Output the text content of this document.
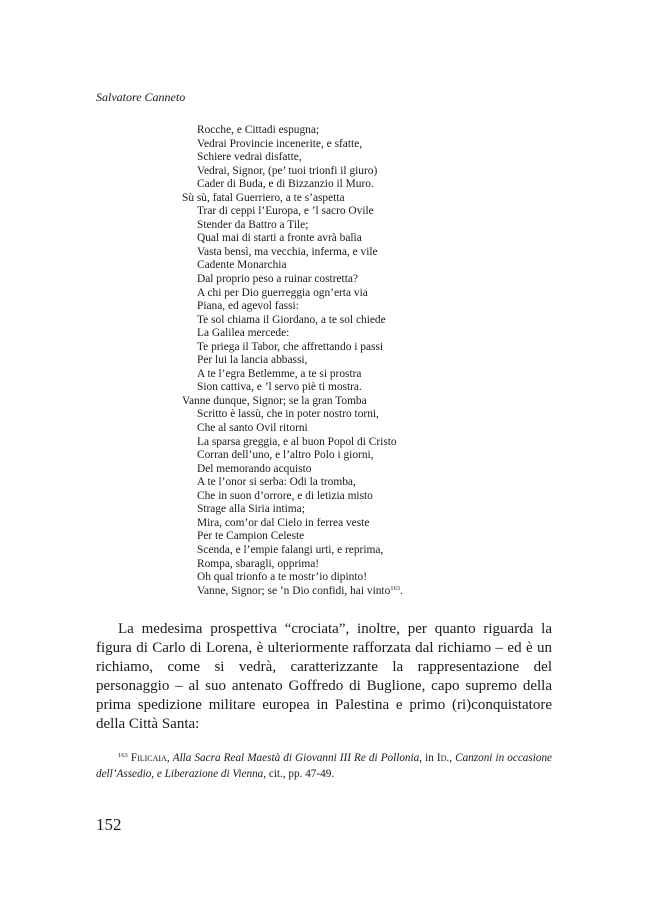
Salvatore Canneto
Rocche, e Cittadi espugna;
Vedrai Provincie incenerite, e sfatte,
Schiere vedrai disfatte,
Vedrai, Signor, (pe’ tuoi trionfi il giuro)
Cader di Buda, e di Bizzanzio il Muro.
Sù sù, fatal Guerriero, a te s’aspetta
Trar di ceppi l’Europa, e ’l sacro Ovile
Stender da Battro a Tile;
Qual mai di starti a fronte avrà balìa
Vasta bensì, ma vecchia, inferma, e vile
Cadente Monarchia
Dal proprio peso a ruinar costretta?
A chi per Dio guerreggia ogn’erta via
Piana, ed agevol fassi:
Te sol chiama il Giordano, a te sol chiede
La Galilea mercede:
Te priega il Tabor, che affrettando i passi
Per lui la lancia abbassi,
A te l’egra Betlemme, a te si prostra
Sion cattiva, e ’l servo piè ti mostra.
Vanne dunque, Signor; se la gran Tomba
Scritto è lassù, che in poter nostro torni,
Che al santo Ovil ritorni
La sparsa greggia, e al buon Popol di Cristo
Corran dell’uno, e l’altro Polo i giorni,
Del memorando acquisto
A te l’onor si serba: Odi la tromba,
Che in suon d’orrore, e di letizia misto
Strage alla Siria intima;
Mira, com’or dal Cielo in ferrea veste
Per te Campion Celeste
Scenda, e l’empie falangi urti, e reprima,
Rompa, sbaragli, opprima!
Oh qual trionfo a te mostr’io dipinto!
Vanne, Signor; se ’n Dio confidi, hai vinto$^{163}$.

La medesima prospettiva “crociata”, inoltre, per quanto riguarda la figura di Carlo di Lorena, è ulteriormente rafforzata dal richiamo – ed è un richiamo, come si vedrà, caratterizzante la rappresentazione del personaggio – al suo antenato Goffredo di Buglione, capo supremo della prima spedizione militare europea in Palestina e primo (ri)conquistatore della Città Santa:

$^{163}$ Filicaia, Alla Sacra Real Maestà di Giovanni III Re di Pollonia, in Id., Canzoni in occasione dell’Assedio, e Liberazione di Vienna, cit., pp. 47-49.

152
